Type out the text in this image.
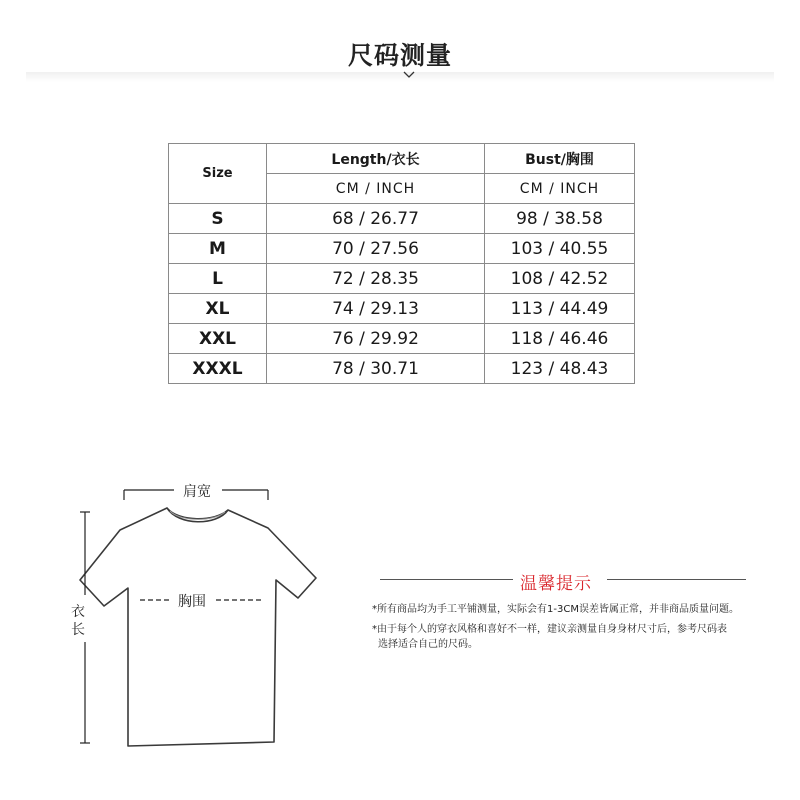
尺码测量
Size	Length/衣长	Bust/胸围
	CM / INCH	CM / INCH
S	68 / 26.77	98 / 38.58
M	70 / 27.56	103 / 40.55
L	72 / 28.35	108 / 42.52
XL	74 / 29.13	113 / 44.49
XXL	76 / 29.92	118 / 46.46
XXXL	78 / 30.71	123 / 48.43
肩宽
胸围
衣
长
温馨提示
*所有商品均为手工平铺测量，实际会有1-3CM误差皆属正常，并非商品质量问题。
*由于每个人的穿衣风格和喜好不一样，建议亲测量自身身材尺寸后，参考尺码表
选择适合自己的尺码。
